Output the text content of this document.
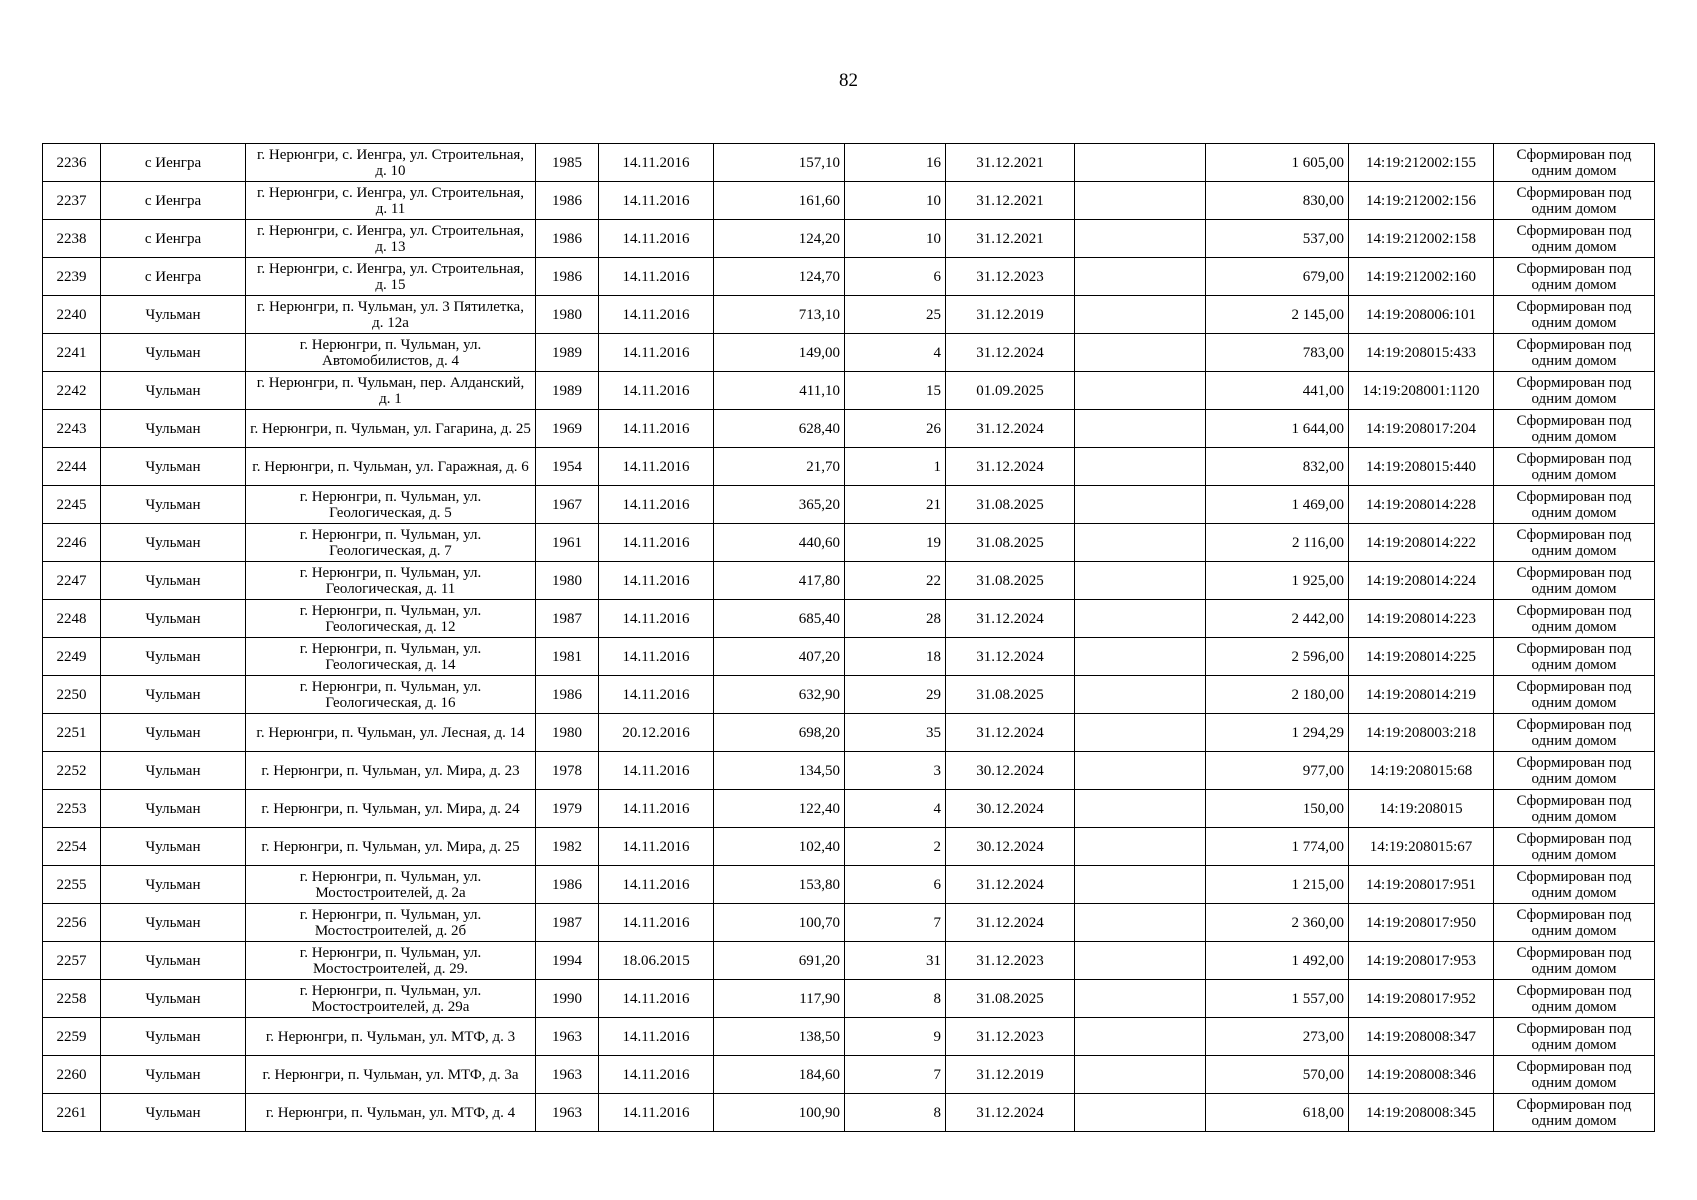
82
2236	с Иенгра	г. Нерюнгри, с. Иенгра, ул. Строительная, д. 10	1985	14.11.2016	157,10	16	31.12.2021		1 605,00	14:19:212002:155	Сформирован под одним домом
2237	с Иенгра	г. Нерюнгри, с. Иенгра, ул. Строительная, д. 11	1986	14.11.2016	161,60	10	31.12.2021		830,00	14:19:212002:156	Сформирован под одним домом
2238	с Иенгра	г. Нерюнгри, с. Иенгра, ул. Строительная, д. 13	1986	14.11.2016	124,20	10	31.12.2021		537,00	14:19:212002:158	Сформирован под одним домом
2239	с Иенгра	г. Нерюнгри, с. Иенгра, ул. Строительная, д. 15	1986	14.11.2016	124,70	6	31.12.2023		679,00	14:19:212002:160	Сформирован под одним домом
2240	Чульман	г. Нерюнгри, п. Чульман, ул. 3 Пятилетка, д. 12а	1980	14.11.2016	713,10	25	31.12.2019		2 145,00	14:19:208006:101	Сформирован под одним домом
2241	Чульман	г. Нерюнгри, п. Чульман, ул. Автомобилистов, д. 4	1989	14.11.2016	149,00	4	31.12.2024		783,00	14:19:208015:433	Сформирован под одним домом
2242	Чульман	г. Нерюнгри, п. Чульман, пер. Алданский, д. 1	1989	14.11.2016	411,10	15	01.09.2025		441,00	14:19:208001:1120	Сформирован под одним домом
2243	Чульман	г. Нерюнгри, п. Чульман, ул. Гагарина, д. 25	1969	14.11.2016	628,40	26	31.12.2024		1 644,00	14:19:208017:204	Сформирован под одним домом
2244	Чульман	г. Нерюнгри, п. Чульман, ул. Гаражная, д. 6	1954	14.11.2016	21,70	1	31.12.2024		832,00	14:19:208015:440	Сформирован под одним домом
2245	Чульман	г. Нерюнгри, п. Чульман, ул. Геологическая, д. 5	1967	14.11.2016	365,20	21	31.08.2025		1 469,00	14:19:208014:228	Сформирован под одним домом
2246	Чульман	г. Нерюнгри, п. Чульман, ул. Геологическая, д. 7	1961	14.11.2016	440,60	19	31.08.2025		2 116,00	14:19:208014:222	Сформирован под одним домом
2247	Чульман	г. Нерюнгри, п. Чульман, ул. Геологическая, д. 11	1980	14.11.2016	417,80	22	31.08.2025		1 925,00	14:19:208014:224	Сформирован под одним домом
2248	Чульман	г. Нерюнгри, п. Чульман, ул. Геологическая, д. 12	1987	14.11.2016	685,40	28	31.12.2024		2 442,00	14:19:208014:223	Сформирован под одним домом
2249	Чульман	г. Нерюнгри, п. Чульман, ул. Геологическая, д. 14	1981	14.11.2016	407,20	18	31.12.2024		2 596,00	14:19:208014:225	Сформирован под одним домом
2250	Чульман	г. Нерюнгри, п. Чульман, ул. Геологическая, д. 16	1986	14.11.2016	632,90	29	31.08.2025		2 180,00	14:19:208014:219	Сформирован под одним домом
2251	Чульман	г. Нерюнгри, п. Чульман, ул. Лесная, д. 14	1980	20.12.2016	698,20	35	31.12.2024		1 294,29	14:19:208003:218	Сформирован под одним домом
2252	Чульман	г. Нерюнгри, п. Чульман, ул. Мира, д. 23	1978	14.11.2016	134,50	3	30.12.2024		977,00	14:19:208015:68	Сформирован под одним домом
2253	Чульман	г. Нерюнгри, п. Чульман, ул. Мира, д. 24	1979	14.11.2016	122,40	4	30.12.2024		150,00	14:19:208015	Сформирован под одним домом
2254	Чульман	г. Нерюнгри, п. Чульман, ул. Мира, д. 25	1982	14.11.2016	102,40	2	30.12.2024		1 774,00	14:19:208015:67	Сформирован под одним домом
2255	Чульман	г. Нерюнгри, п. Чульман, ул. Мостостроителей, д. 2а	1986	14.11.2016	153,80	6	31.12.2024		1 215,00	14:19:208017:951	Сформирован под одним домом
2256	Чульман	г. Нерюнгри, п. Чульман, ул. Мостостроителей, д. 2б	1987	14.11.2016	100,70	7	31.12.2024		2 360,00	14:19:208017:950	Сформирован под одним домом
2257	Чульман	г. Нерюнгри, п. Чульман, ул. Мостостроителей, д. 29.	1994	18.06.2015	691,20	31	31.12.2023		1 492,00	14:19:208017:953	Сформирован под одним домом
2258	Чульман	г. Нерюнгри, п. Чульман, ул. Мостостроителей, д. 29а	1990	14.11.2016	117,90	8	31.08.2025		1 557,00	14:19:208017:952	Сформирован под одним домом
2259	Чульман	г. Нерюнгри, п. Чульман, ул. МТФ, д. 3	1963	14.11.2016	138,50	9	31.12.2023		273,00	14:19:208008:347	Сформирован под одним домом
2260	Чульман	г. Нерюнгри, п. Чульман, ул. МТФ, д. 3а	1963	14.11.2016	184,60	7	31.12.2019		570,00	14:19:208008:346	Сформирован под одним домом
2261	Чульман	г. Нерюнгри, п. Чульман, ул. МТФ, д. 4	1963	14.11.2016	100,90	8	31.12.2024		618,00	14:19:208008:345	Сформирован под одним домом
